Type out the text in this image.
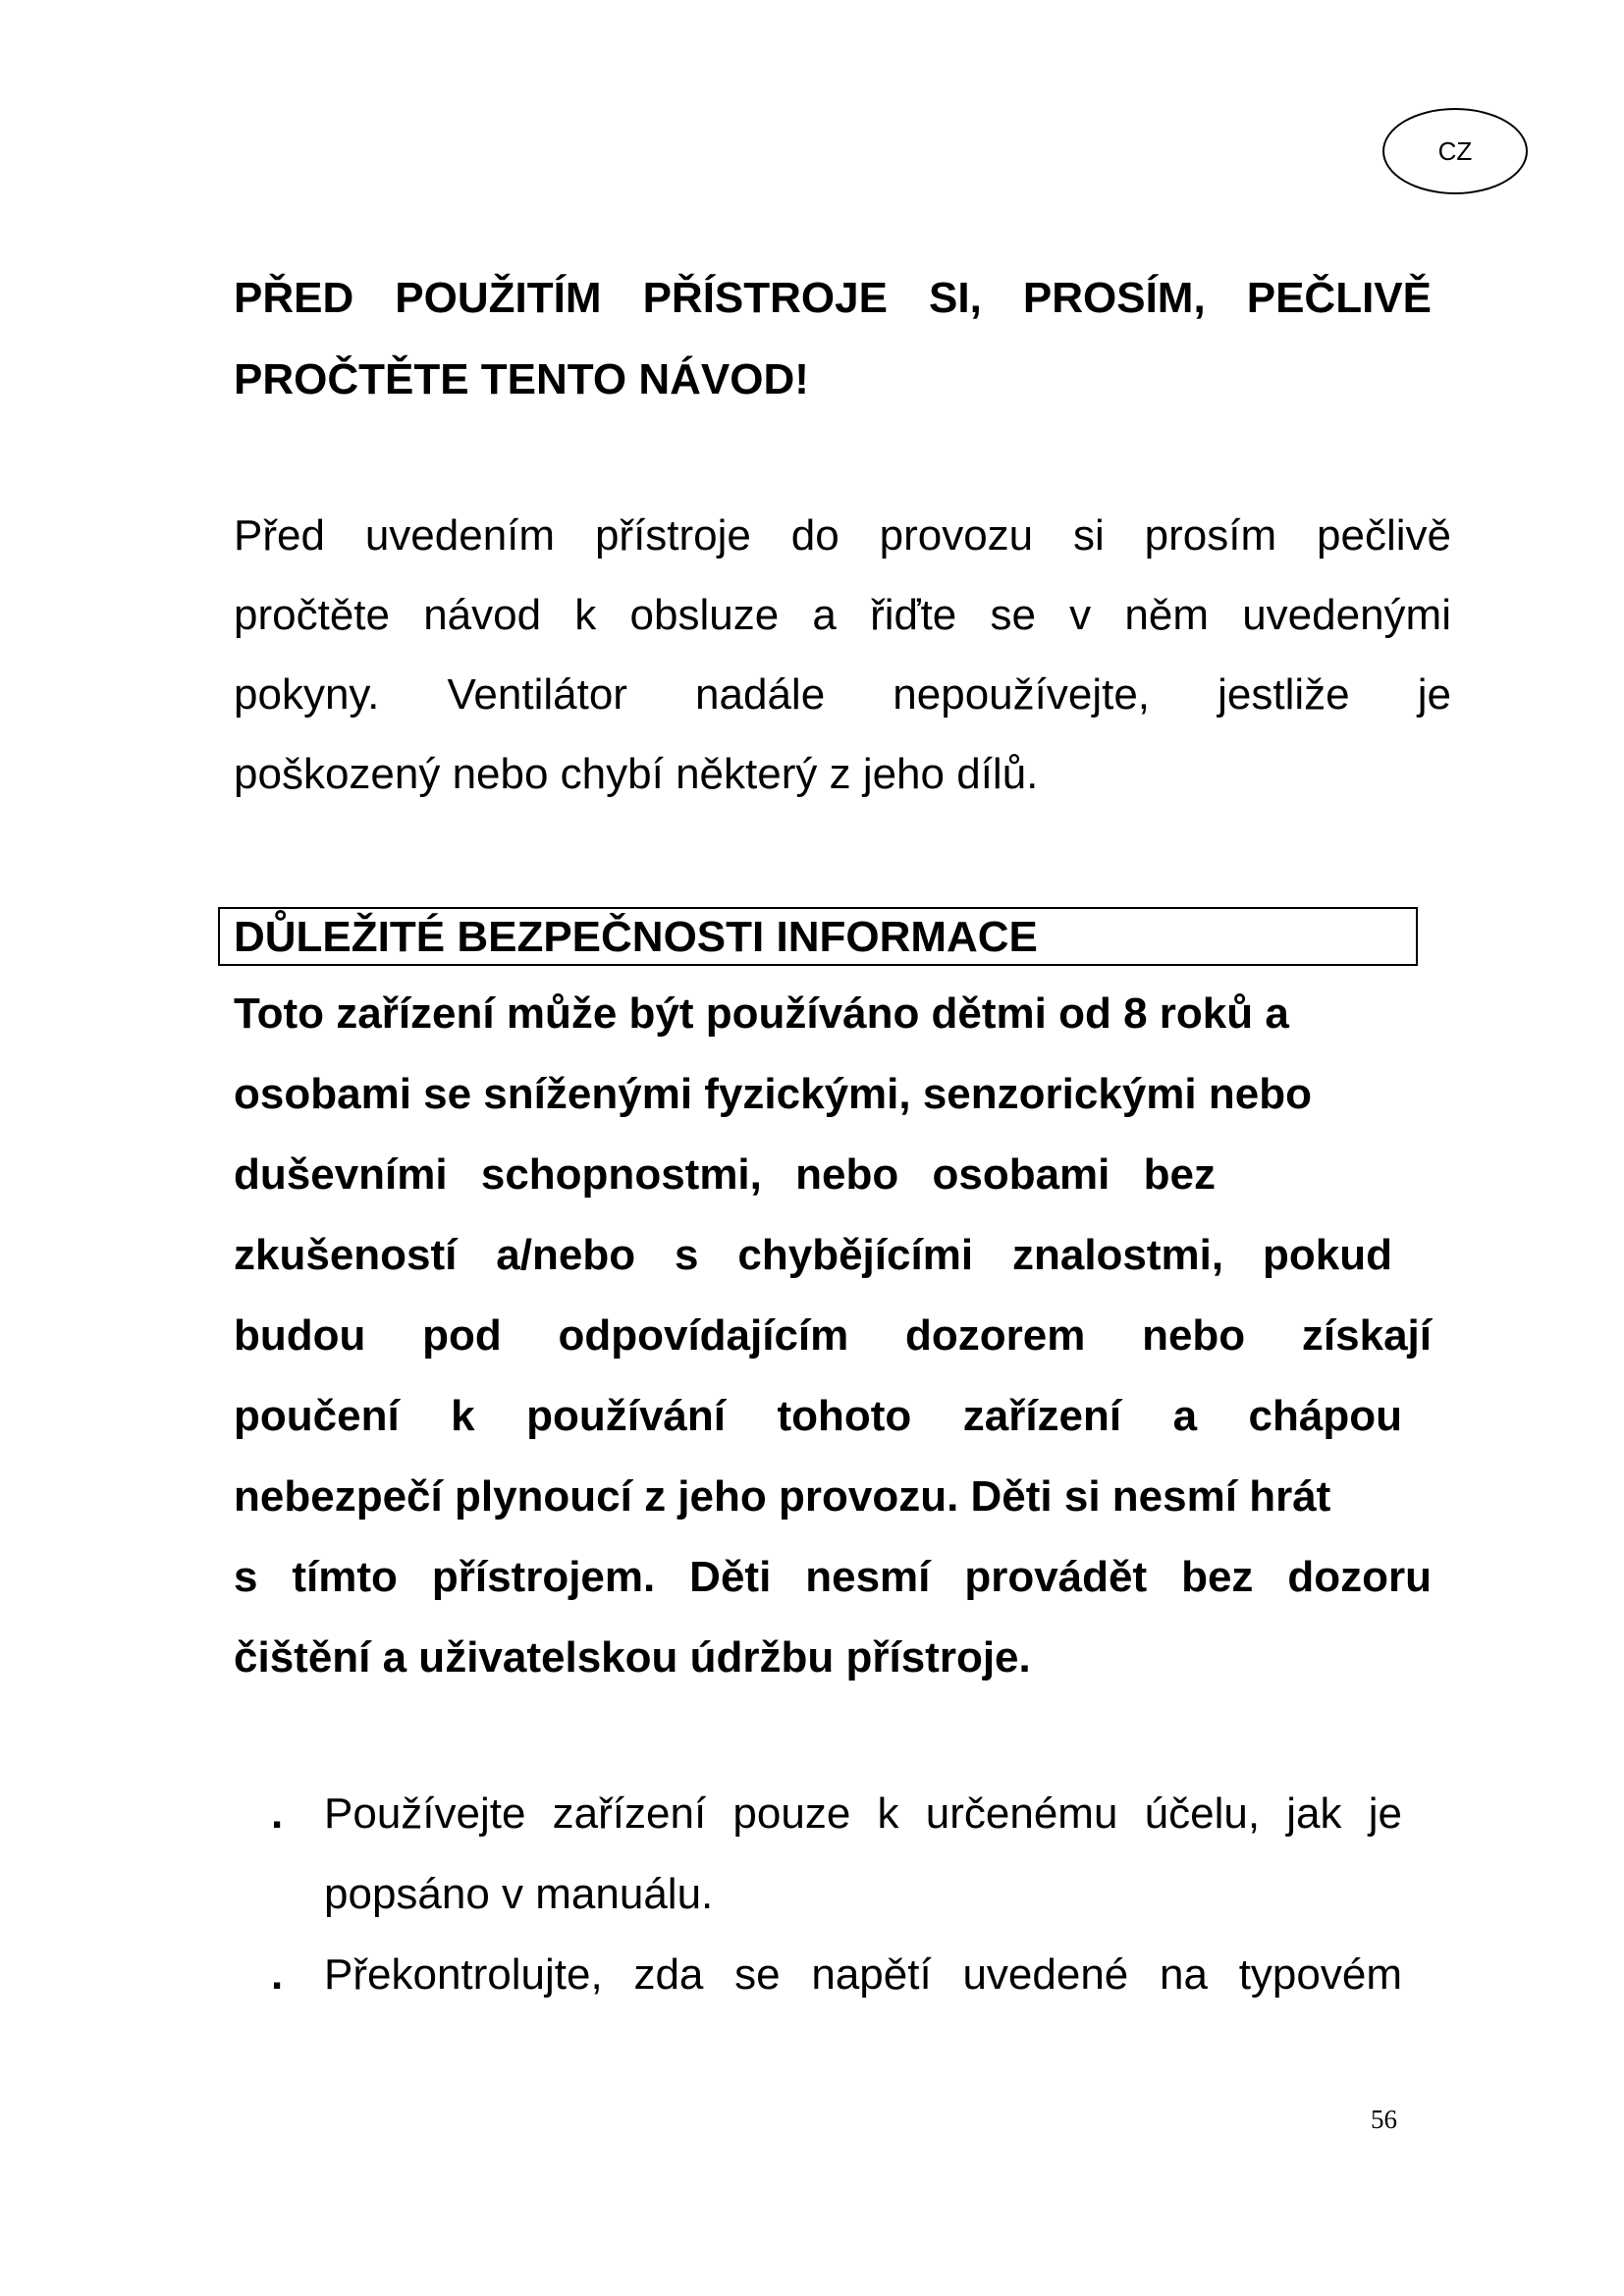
CZ
PŘED POUŽITÍM PŘÍSTROJE SI, PROSÍM, PEČLIVĚ
PROČTĚTE TENTO NÁVOD!
Před uvedením přístroje do provozu si prosím pečlivě
pročtěte návod k obsluze a řiďte se v něm uvedenými
pokyny. Ventilátor nadále nepoužívejte, jestliže je
poškozený nebo chybí některý z jeho dílů.
DŮLEŽITÉ BEZPEČNOSTI INFORMACE
Toto zařízení může být používáno dětmi od 8 roků a
osobami se sníženými fyzickými, senzorickými nebo
duševními schopnostmi, nebo osobami bez
zkušeností a/nebo s chybějícími znalostmi, pokud
budou pod odpovídajícím dozorem nebo získají
poučení k používání tohoto zařízení a chápou
nebezpečí plynoucí z jeho provozu. Děti si nesmí hrát
s tímto přístrojem. Děti nesmí provádět bez dozoru
čištění a uživatelskou údržbu přístroje.
. Používejte zařízení pouze k určenému účelu, jak je
popsáno v manuálu.
. Překontrolujte, zda se napětí uvedené na typovém
56
